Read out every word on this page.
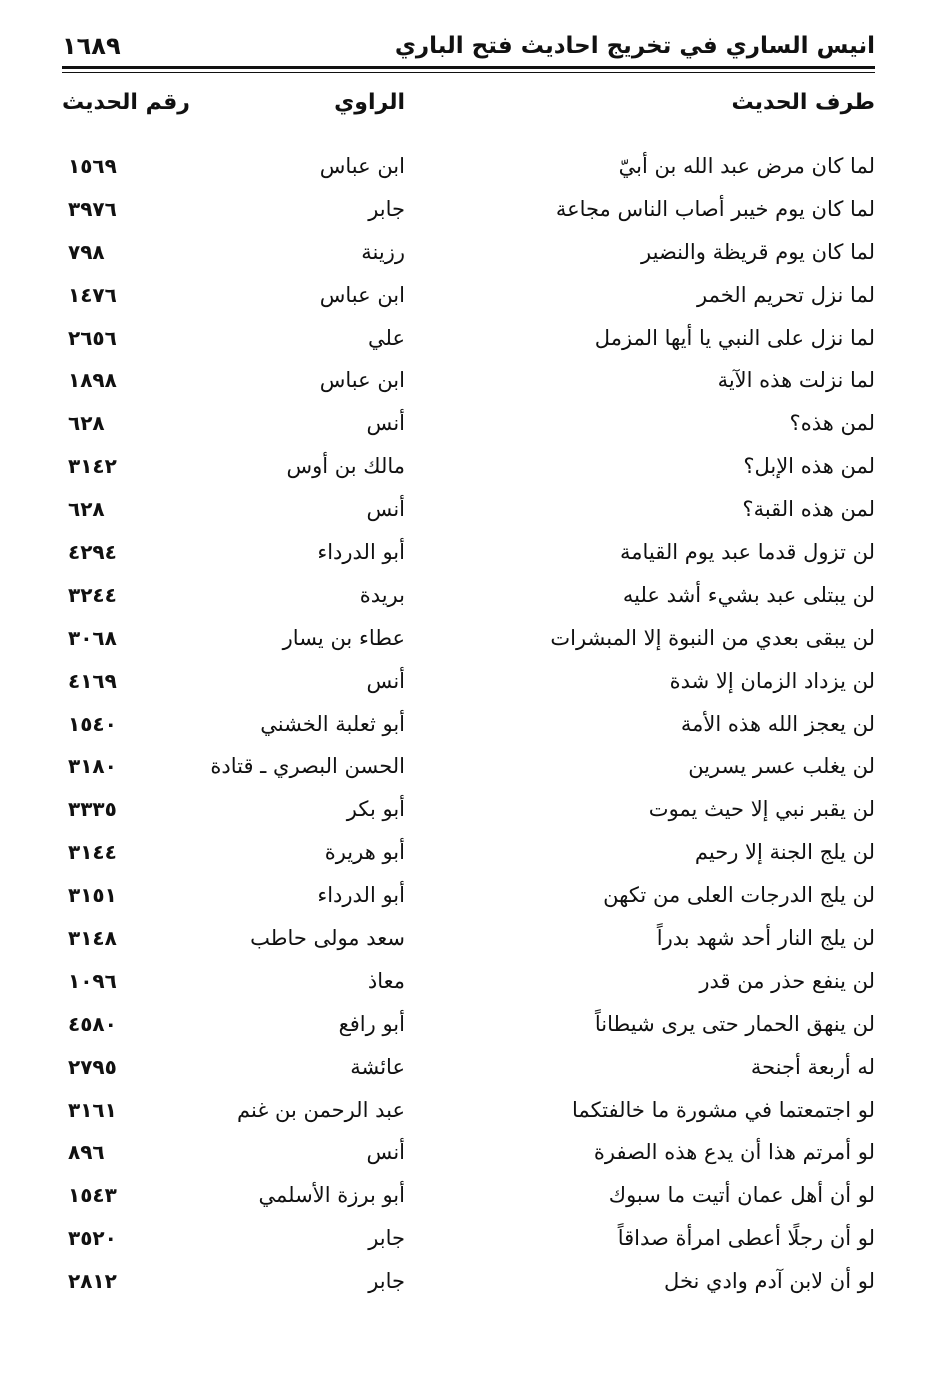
١٦٨٩	انيس الساري في تخريج احاديث فتح الباري
طرف الحديث
الراوي
رقم الحديث
لما كان مرض عبد الله بن أبيّ
ابن عباس
١٥٦٩
لما كان يوم خيبر أصاب الناس مجاعة
جابر
٣٩٧٦
لما كان يوم قريظة والنضير
رزينة
٧٩٨
لما نزل تحريم الخمر
ابن عباس
١٤٧٦
لما نزل على النبي يا أيها المزمل
علي
٢٦٥٦
لما نزلت هذه الآية
ابن عباس
١٨٩٨
لمن هذه؟
أنس
٦٢٨
لمن هذه الإبل؟
مالك بن أوس
٣١٤٢
لمن هذه القبة؟
أنس
٦٢٨
لن تزول قدما عبد يوم القيامة
أبو الدرداء
٤٢٩٤
لن يبتلى عبد بشيء أشد عليه
بريدة
٣٢٤٤
لن يبقى بعدي من النبوة إلا المبشرات
عطاء بن يسار
٣٠٦٨
لن يزداد الزمان إلا شدة
أنس
٤١٦٩
لن يعجز الله هذه الأمة
أبو ثعلبة الخشني
١٥٤٠
لن يغلب عسر يسرين
الحسن البصري ـ قتادة
٣١٨٠
لن يقبر نبي إلا حيث يموت
أبو بكر
٣٣٣٥
لن يلج الجنة إلا رحيم
أبو هريرة
٣١٤٤
لن يلج الدرجات العلى من تكهن
أبو الدرداء
٣١٥١
لن يلج النار أحد شهد بدراً
سعد مولى حاطب
٣١٤٨
لن ينفع حذر من قدر
معاذ
١٠٩٦
لن ينهق الحمار حتى يرى شيطاناً
أبو رافع
٤٥٨٠
له أربعة أجنحة
عائشة
٢٧٩٥
لو اجتمعتما في مشورة ما خالفتكما
عبد الرحمن بن غنم
٣١٦١
لو أمرتم هذا أن يدع هذه الصفرة
أنس
٨٩٦
لو أن أهل عمان أتيت ما سبوك
أبو برزة الأسلمي
١٥٤٣
لو أن رجلًا أعطى امرأة صداقاً
جابر
٣٥٢٠
لو أن لابن آدم وادي نخل
جابر
٢٨١٢
